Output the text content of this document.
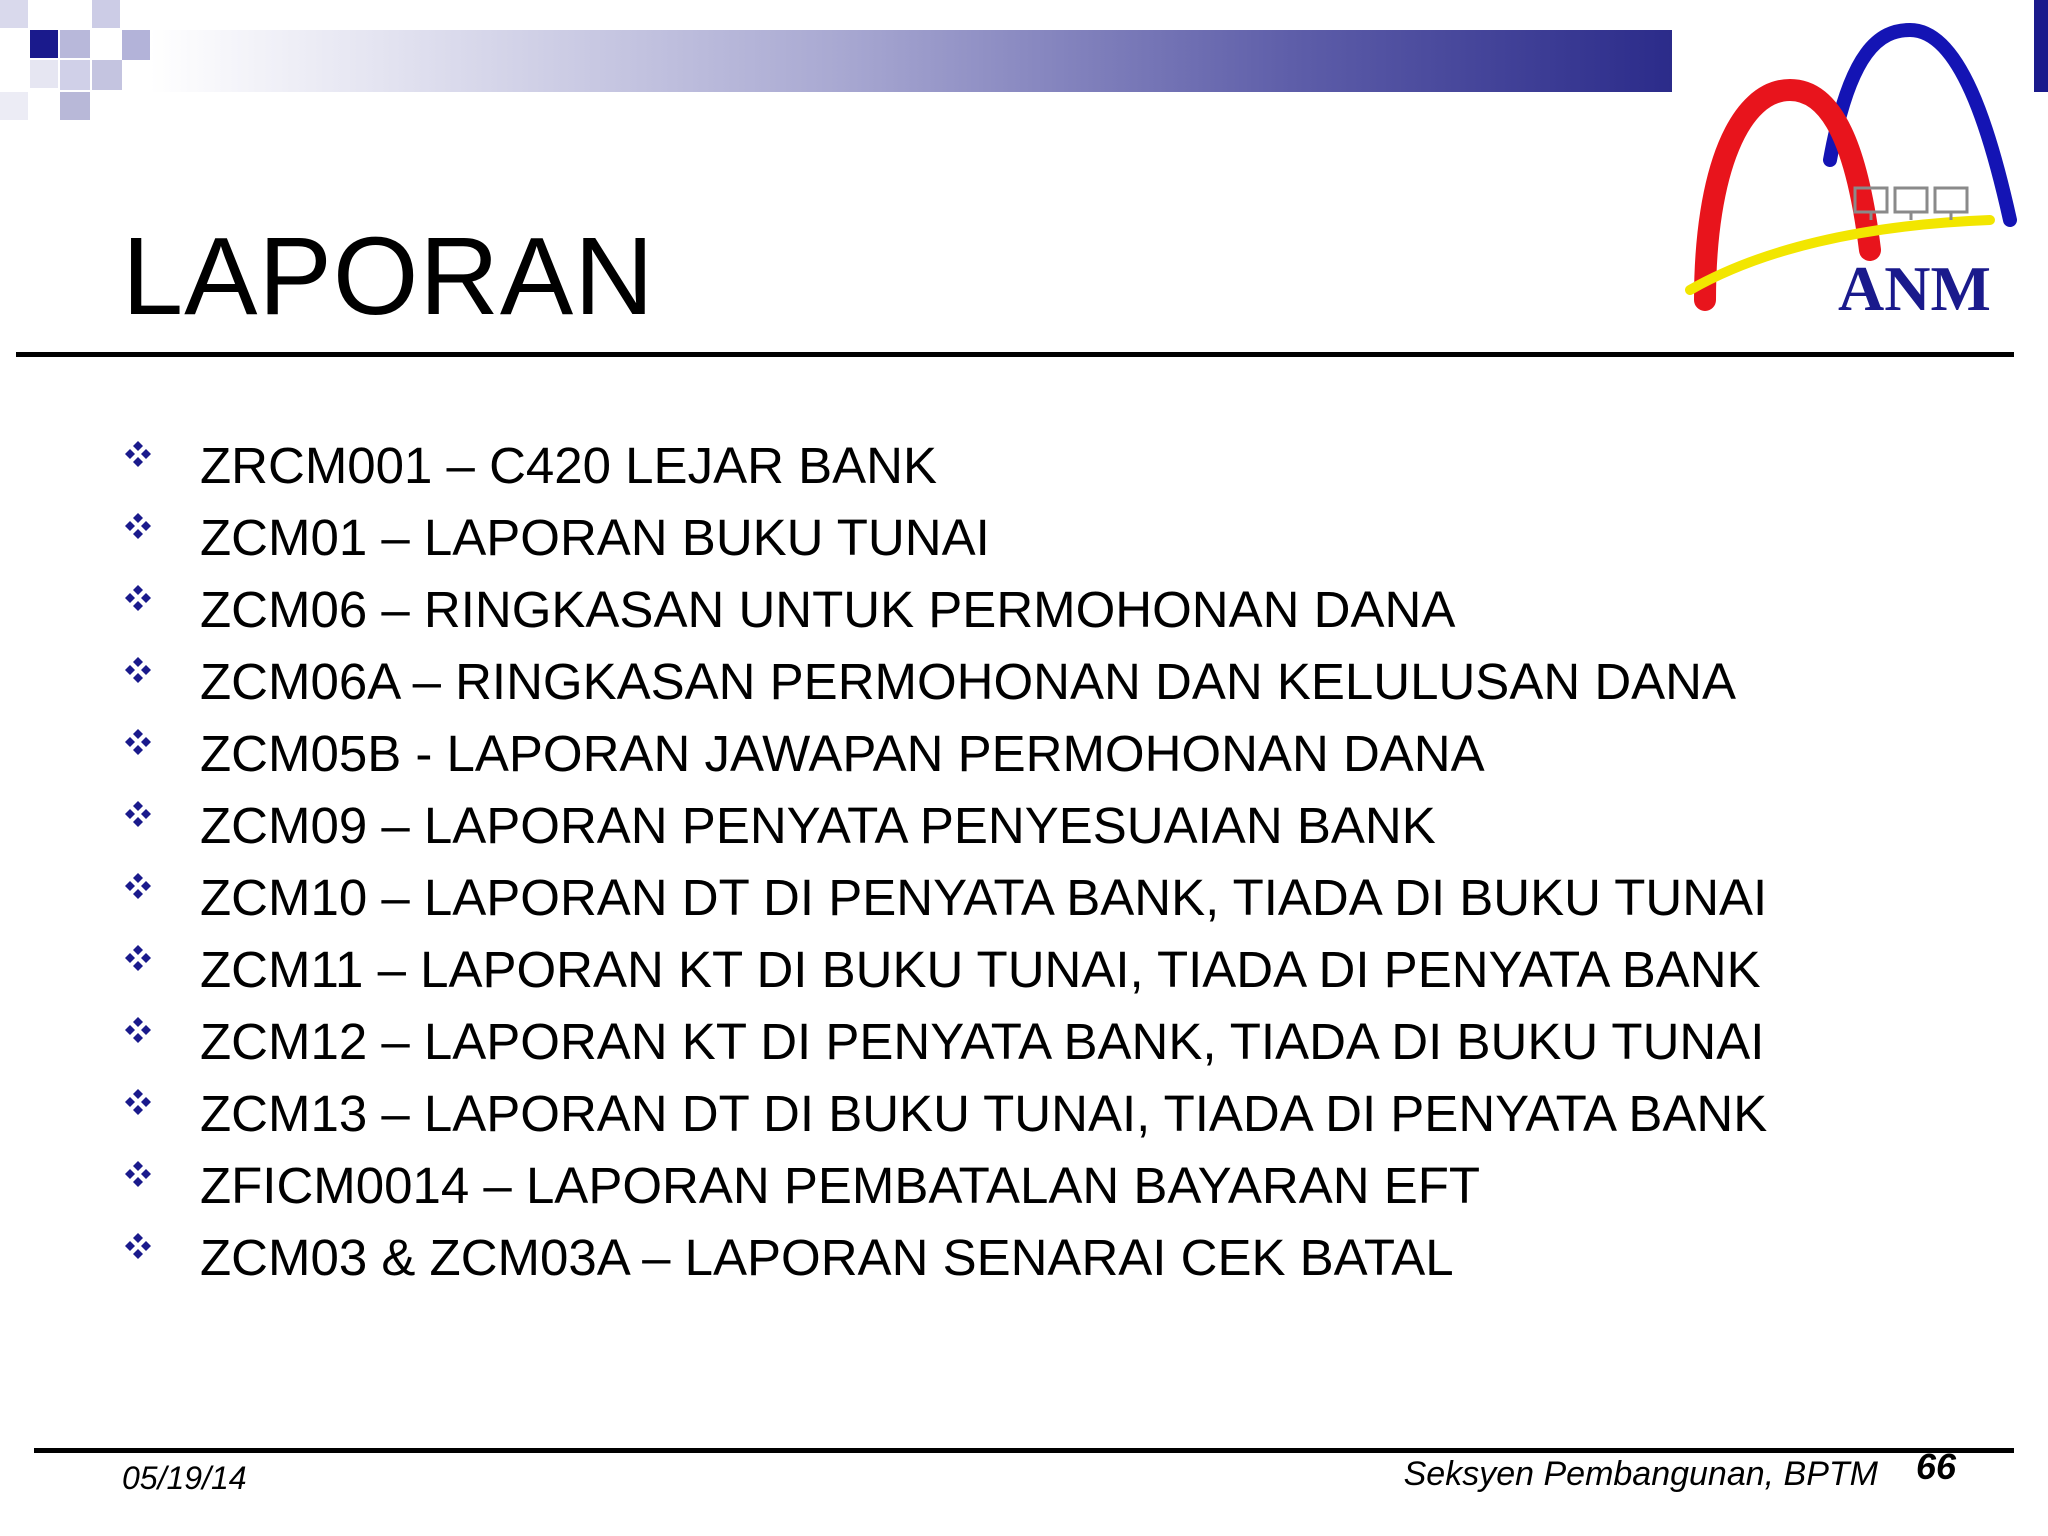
ANM
LAPORAN
ZRCM001 – C420 LEJAR BANK
ZCM01 – LAPORAN BUKU TUNAI
ZCM06 – RINGKASAN UNTUK PERMOHONAN DANA
ZCM06A – RINGKASAN PERMOHONAN DAN KELULUSAN DANA
ZCM05B - LAPORAN JAWAPAN PERMOHONAN DANA
ZCM09 – LAPORAN PENYATA PENYESUAIAN BANK
ZCM10 – LAPORAN DT DI PENYATA BANK, TIADA DI BUKU TUNAI
ZCM11 – LAPORAN KT DI BUKU TUNAI, TIADA DI PENYATA BANK
ZCM12 – LAPORAN KT DI PENYATA BANK, TIADA DI BUKU TUNAI
ZCM13 – LAPORAN DT DI BUKU TUNAI, TIADA DI PENYATA BANK
ZFICM0014 – LAPORAN PEMBATALAN BAYARAN EFT
ZCM03 & ZCM03A – LAPORAN SENARAI CEK BATAL
05/19/14	Seksyen Pembangunan, BPTM 66
